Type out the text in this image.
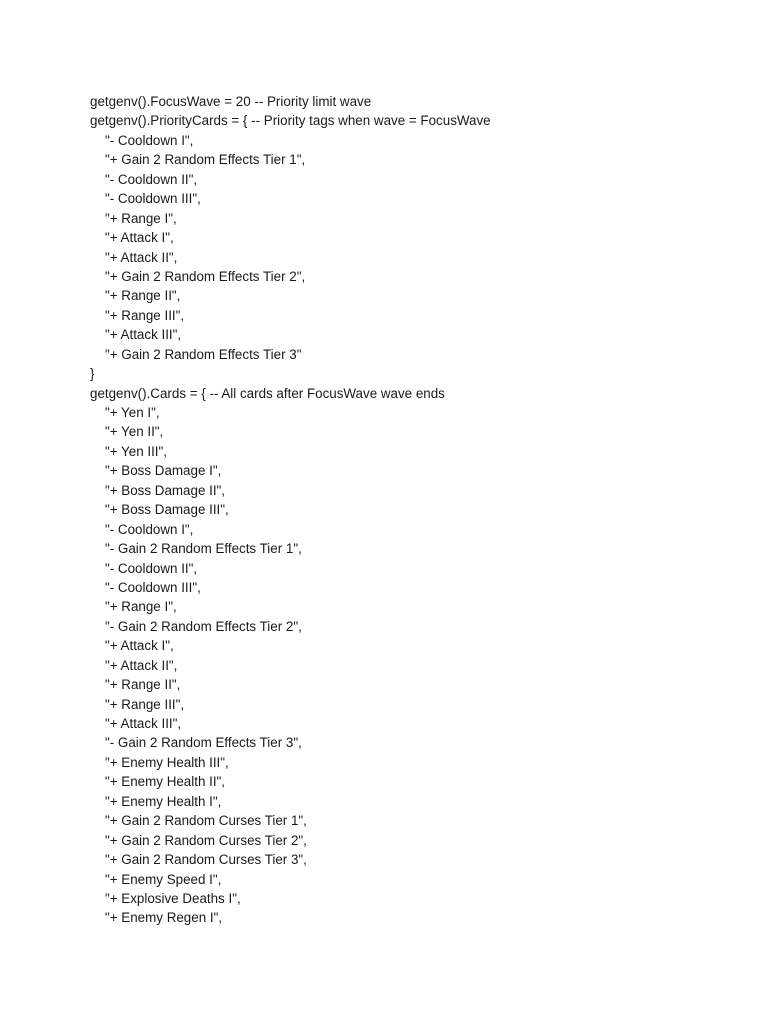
getgenv().FocusWave = 20 -- Priority limit wave
getgenv().PriorityCards = { -- Priority tags when wave = FocusWave
"- Cooldown I",
"+ Gain 2 Random Effects Tier 1",
"- Cooldown II",
"- Cooldown III",
"+ Range I",
"+ Attack I",
"+ Attack II",
"+ Gain 2 Random Effects Tier 2",
"+ Range II",
"+ Range III",
"+ Attack III",
"+ Gain 2 Random Effects Tier 3"
}
getgenv().Cards = { -- All cards after FocusWave wave ends
"+ Yen I",
"+ Yen II",
"+ Yen III",
"+ Boss Damage I",
"+ Boss Damage II",
"+ Boss Damage III",
"- Cooldown I",
"- Gain 2 Random Effects Tier 1",
"- Cooldown II",
"- Cooldown III",
"+ Range I",
"- Gain 2 Random Effects Tier 2",
"+ Attack I",
"+ Attack II",
"+ Range II",
"+ Range III",
"+ Attack III",
"- Gain 2 Random Effects Tier 3",
"+ Enemy Health III",
"+ Enemy Health II",
"+ Enemy Health I",
"+ Gain 2 Random Curses Tier 1",
"+ Gain 2 Random Curses Tier 2",
"+ Gain 2 Random Curses Tier 3",
"+ Enemy Speed I",
"+ Explosive Deaths I",
"+ Enemy Regen I",
